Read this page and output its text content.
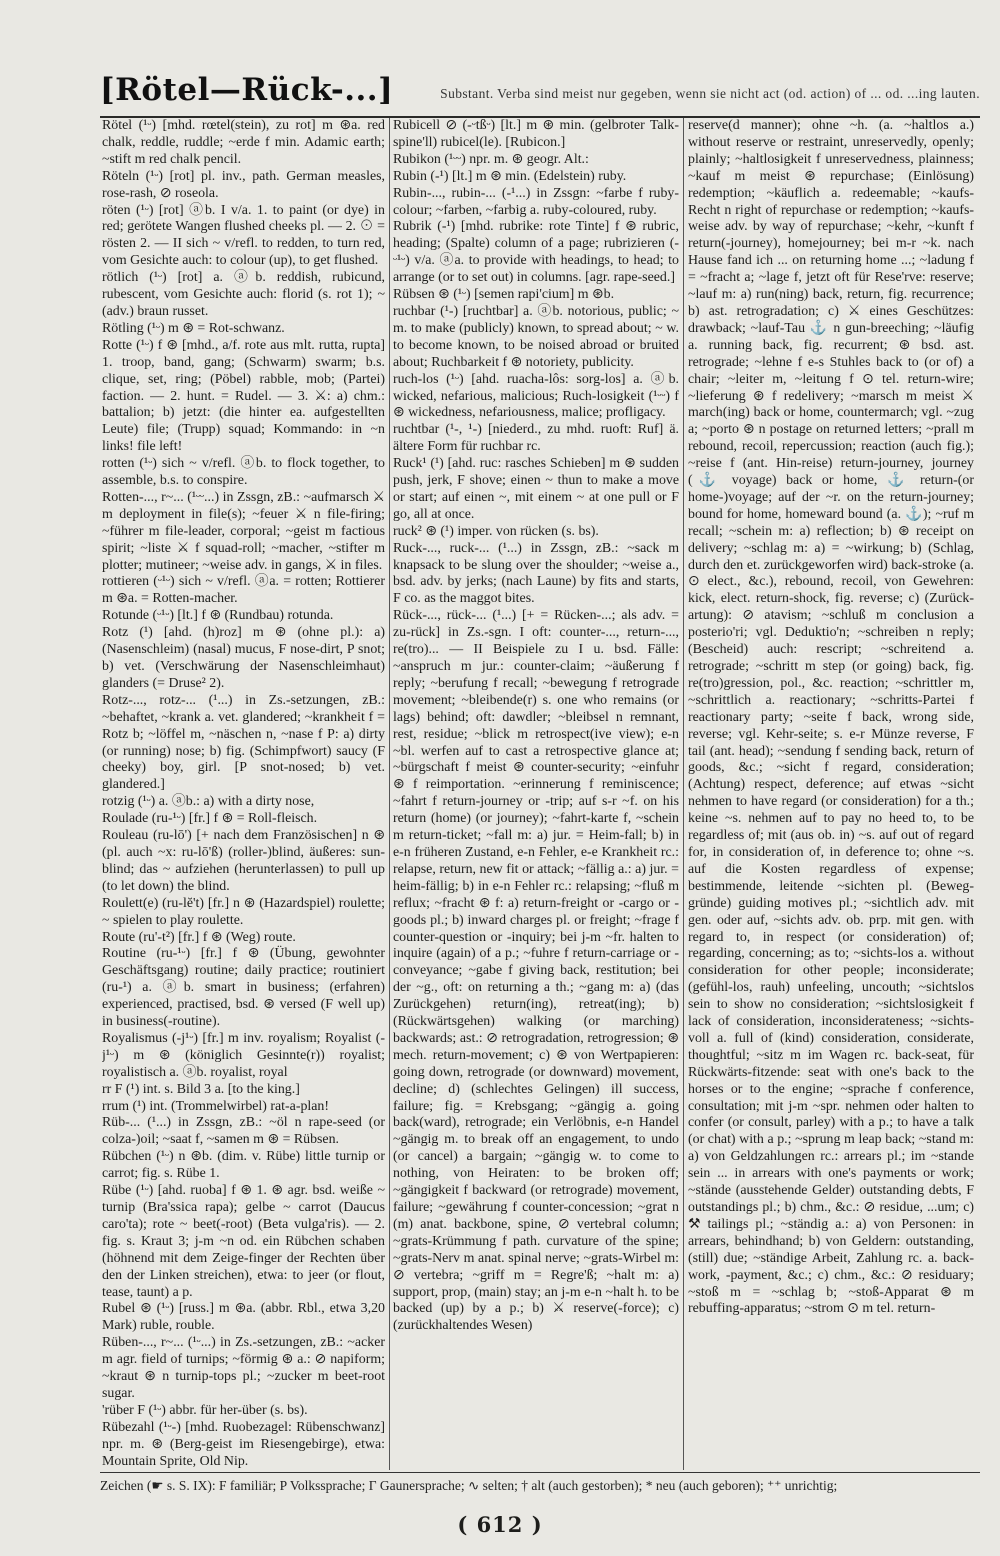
[Rötel—Rück-...]	Substant. Verba sind meist nur gegeben, wenn sie nicht act (od. action) of ... od. ...ing lauten.

Rötel (¹ᵕ) [mhd. rœtel(stein), zu rot] m ⊛a. red chalk, reddle, ruddle; ~erde f min. Adamic earth; ~stift m red chalk pencil.

Röteln (¹ᵕ) [rot] pl. inv., path. German measles, rose-rash, ⊘ roseola.

röten (¹ᵕ) [rot] ⓐb. I v/a. 1. to paint (or dye) in red; gerötete Wangen flushed cheeks pl. — 2. ⊙ = rösten 2. — II sich ~ v/refl. to redden, to turn red, vom Gesichte auch: to colour (up), to get flushed.

rötlich (¹ᵕ) [rot] a. ⓐb. reddish, rubicund, rubescent, vom Gesichte auch: florid (s. rot 1); ~ (adv.) braun russet.

Rötling (¹ᵕ) m ⊛ = Rot-schwanz.

Rotte (¹ᵕ) f ⊛ [mhd., a/f. rote aus mlt. rutta, rupta] 1. troop, band, gang; (Schwarm) swarm; b.s. clique, set, ring; (Pöbel) rabble, mob; (Partei) faction. — 2. hunt. = Rudel. — 3. ⚔: a) chm.: battalion; b) jetzt: (die hinter ea. aufgestellten Leute) file; (Trupp) squad; Kommando: in ~n links! file left!

rotten (¹ᵕ) sich ~ v/refl. ⓐb. to flock together, to assemble, b.s. to conspire.

Rotten-..., r~... (¹ᵕᵕ...) in Zssgn, zB.: ~aufmarsch ⚔ m deployment in file(s); ~feuer ⚔ n file-firing; ~führer m file-leader, corporal; ~geist m factious spirit; ~liste ⚔ f squad-roll; ~macher, ~stifter m plotter; mutineer; ~weise adv. in gangs, ⚔ in files.

rottieren (ᵕ¹ᵕ) sich ~ v/refl. ⓐa. = rotten; Rottierer m ⊛a. = Rotten-macher.

Rotunde (ᵕ¹ᵕ) [lt.] f ⊛ (Rundbau) rotunda.

Rotz (¹) [ahd. (h)roz] m ⊛ (ohne pl.): a) (Nasenschleim) (nasal) mucus, F nose-dirt, P snot; b) vet. (Verschwärung der Nasenschleimhaut) glanders (= Druse² 2).

Rotz-..., rotz-... (¹...) in Zs.-setzungen, zB.: ~behaftet, ~krank a. vet. glandered; ~krankheit f = Rotz b; ~löffel m, ~näschen n, ~nase f P: a) dirty (or running) nose; b) fig. (Schimpfwort) saucy (F cheeky) boy, girl. [P snot-nosed; b) vet. glandered.]

rotzig (¹ᵕ) a. ⓐb.: a) with a dirty nose,

Roulade (ru-¹ᵕ) [fr.] f ⊛ = Roll-fleisch.

Rouleau (ru-lō') [+ nach dem Französischen] n ⊛ (pl. auch ~x: ru-lō'ß) (roller-)blind, äußeres: sun-blind; das ~ aufziehen (herunterlassen) to pull up (to let down) the blind.

Roulett(e) (ru-lĕ't) [fr.] n ⊛ (Hazardspiel) roulette; ~ spielen to play roulette.

Route (ru'-t²) [fr.] f ⊛ (Weg) route.

Routine (ru-¹ᵕ) [fr.] f ⊛ (Übung, gewohnter Geschäftsgang) routine; daily practice; routiniert (ru-¹) a. ⓐb. smart in business; (erfahren) experienced, practised, bsd. ⊛ versed (F well up) in business(-routine).

Royalismus (-j¹ᵕ) [fr.] m inv. royalism; Royalist (-j¹ᵕ) m ⊛ (königlich Gesinnte(r)) royalist; royalistisch a. ⓐb. royalist, royal

rr F (¹) int. s. Bild 3 a. [to the king.]

rrum (¹) int. (Trommelwirbel) rat-a-plan!

Rüb-... (¹...) in Zssgn, zB.: ~öl n rape-seed (or colza-)oil; ~saat f, ~samen m ⊛ = Rübsen.

Rübchen (¹ᵕ) n ⊛b. (dim. v. Rübe) little turnip or carrot; fig. s. Rübe 1.

Rübe (¹ᵕ) [ahd. ruoba] f ⊛ 1. ⊛ agr. bsd. weiße ~ turnip (Bra'ssica rapa); gelbe ~ carrot (Daucus caro'ta); rote ~ beet(-root) (Beta vulga'ris). — 2. fig. s. Kraut 3; j-m ~n od. ein Rübchen schaben (höhnend mit dem Zeige-finger der Rechten über den der Linken streichen), etwa: to jeer (or flout, tease, taunt) a p.

Rubel ⊛ (¹ᵕ) [russ.] m ⊛a. (abbr. Rbl., etwa 3,20 Mark) ruble, rouble.

Rüben-..., r~... (¹ᵕ...) in Zs.-setzungen, zB.: ~acker m agr. field of turnips; ~förmig ⊛ a.: ⊘ napiform; ~kraut ⊛ n turnip-tops pl.; ~zucker m beet-root sugar.

'rüber F (¹ᵕ) abbr. für her-über (s. bs).

Rübezahl (¹ᵕ-) [mhd. Ruobezagel: Rübenschwanz] npr. m. ⊛ (Berg-geist im Riesengebirge), etwa: Mountain Sprite, Old Nip.

Rubicell ⊘ (-ᵕtßᵕ) [lt.] m ⊛ min. (gelbroter Talk-spine'll) rubicel(le). [Rubicon.]

Rubikon (¹ᵕᵕ) npr. m. ⊛ geogr. Alt.:

Rubin (-¹) [lt.] m ⊛ min. (Edelstein) ruby.

Rubin-..., rubin-... (-¹...) in Zssgn: ~farbe f ruby-colour; ~farben, ~farbig a. ruby-coloured, ruby.

Rubrik (-¹) [mhd. rubrike: rote Tinte] f ⊛ rubric, heading; (Spalte) column of a page; rubrizieren (-ᵕ¹ᵕ) v/a. ⓐa. to provide with headings, to head; to arrange (or to set out) in columns. [agr. rape-seed.]

Rübsen ⊛ (¹ᵕ) [semen rapi'cium] m ⊛b.

ruchbar (¹-) [ruchtbar] a. ⓐb. notorious, public; ~ m. to make (publicly) known, to spread about; ~ w. to become known, to be noised abroad or bruited about; Ruchbarkeit f ⊛ notoriety, publicity.

ruch-los (¹ᵕ) [ahd. ruacha-lôs: sorg-los] a. ⓐb. wicked, nefarious, malicious; Ruch-losigkeit (¹ᵕᵕ) f ⊛ wickedness, nefariousness, malice; profligacy.

ruchtbar (¹-, ¹-) [niederd., zu mhd. ruoft: Ruf] ä. ältere Form für ruchbar rc.

Ruck¹ (¹) [ahd. ruc: rasches Schieben] m ⊛ sudden push, jerk, F shove; einen ~ thun to make a move or start; auf einen ~, mit einem ~ at one pull or F go, all at once.

ruck² ⊛ (¹) imper. von rücken (s. bs).

Ruck-..., ruck-... (¹...) in Zssgn, zB.: ~sack m knapsack to be slung over the shoulder; ~weise a., bsd. adv. by jerks; (nach Laune) by fits and starts, F co. as the maggot bites.

Rück-..., rück-... (¹...) [+ = Rücken-...; als adv. = zu-rück] in Zs.-sgn. I oft: counter-..., return-..., re(tro)... — II Beispiele zu I u. bsd. Fälle: ~anspruch m jur.: counter-claim; ~äußerung f reply; ~berufung f recall; ~bewegung f retrograde movement; ~bleibende(r) s. one who remains (or lags) behind; oft: dawdler; ~bleibsel n remnant, rest, residue; ~blick m retrospect(ive view); e-n ~bl. werfen auf to cast a retrospective glance at; ~bürgschaft f meist ⊛ counter-security; ~einfuhr ⊛ f reimportation. ~erinnerung f reminiscence; ~fahrt f return-journey or -trip; auf s-r ~f. on his return (home) (or journey); ~fahrt-karte f, ~schein m return-ticket; ~fall m: a) jur. = Heim-fall; b) in e-n früheren Zustand, e-n Fehler, e-e Krankheit rc.: relapse, return, new fit or attack; ~fällig a.: a) jur. = heim-fällig; b) in e-n Fehler rc.: relapsing; ~fluß m reflux; ~fracht ⊛ f: a) return-freight or -cargo or -goods pl.; b) inward charges pl. or freight; ~frage f counter-question or -inquiry; bei j-m ~fr. halten to inquire (again) of a p.; ~fuhre f return-carriage or -conveyance; ~gabe f giving back, restitution; bei der ~g., oft: on returning a th.; ~gang m: a) (das Zurückgehen) return(ing), retreat(ing); b) (Rückwärtsgehen) walking (or marching) backwards; ast.: ⊘ retrogradation, retrogression; ⊛ mech. return-movement; c) ⊛ von Wertpapieren: going down, retrograde (or downward) movement, decline; d) (schlechtes Gelingen) ill success, failure; fig. = Krebsgang; ~gängig a. going back(ward), retrograde; ein Verlöbnis, e-n Handel ~gängig m. to break off an engagement, to undo (or cancel) a bargain; ~gängig w. to come to nothing, von Heiraten: to be broken off; ~gängigkeit f backward (or retrograde) movement, failure; ~gewährung f counter-concession; ~grat n (m) anat. backbone, spine, ⊘ vertebral column; ~grats-Krümmung f path. curvature of the spine; ~grats-Nerv m anat. spinal nerve; ~grats-Wirbel m: ⊘ vertebra; ~griff m = Regre'ß; ~halt m: a) support, prop, (main) stay; an j-m e-n ~halt h. to be backed (up) by a p.; b) ⚔ reserve(-force); c) (zurückhaltendes Wesen)

reserve(d manner); ohne ~h. (a. ~haltlos a.) without reserve or restraint, unreservedly, openly; plainly; ~haltlosigkeit f unreservedness, plainness; ~kauf m meist ⊛ repurchase; (Einlösung) redemption; ~käuflich a. redeemable; ~kaufs-Recht n right of repurchase or redemption; ~kaufs-weise adv. by way of repurchase; ~kehr, ~kunft f return(-journey), homejourney; bei m-r ~k. nach Hause fand ich ... on returning home ...; ~ladung f = ~fracht a; ~lage f, jetzt oft für Rese'rve: reserve; ~lauf m: a) run(ning) back, return, fig. recurrence; b) ast. retrogradation; c) ⚔ eines Geschützes: drawback; ~lauf-Tau ⚓ n gun-breeching; ~läufig a. running back, fig. recurrent; ⊛ bsd. ast. retrograde; ~lehne f e-s Stuhles back to (or of) a chair; ~leiter m, ~leitung f ⊙ tel. return-wire; ~lieferung ⊛ f redelivery; ~marsch m meist ⚔ march(ing) back or home, countermarch; vgl. ~zug a; ~porto ⊛ n postage on returned letters; ~prall m rebound, recoil, repercussion; reaction (auch fig.); ~reise f (ant. Hin-reise) return-journey, journey (⚓ voyage) back or home, ⚓ return-(or home-)voyage; auf der ~r. on the return-journey; bound for home, homeward bound (a. ⚓); ~ruf m recall; ~schein m: a) reflection; b) ⊛ receipt on delivery; ~schlag m: a) = ~wirkung; b) (Schlag, durch den et. zurückgeworfen wird) back-stroke (a. ⊙ elect., &c.), rebound, recoil, von Gewehren: kick, elect. return-shock, fig. reverse; c) (Zurück-artung): ⊘ atavism; ~schluß m conclusion a posterio'ri; vgl. Deduktio'n; ~schreiben n reply; (Bescheid) auch: rescript; ~schreitend a. retrograde; ~schritt m step (or going) back, fig. re(tro)gression, pol., &c. reaction; ~schrittler m, ~schrittlich a. reactionary; ~schritts-Partei f reactionary party; ~seite f back, wrong side, reverse; vgl. Kehr-seite; s. e-r Münze reverse, F tail (ant. head); ~sendung f sending back, return of goods, &c.; ~sicht f regard, consideration; (Achtung) respect, deference; auf etwas ~sicht nehmen to have regard (or consideration) for a th.; keine ~s. nehmen auf to pay no heed to, to be regardless of; mit (aus ob. in) ~s. auf out of regard for, in consideration of, in deference to; ohne ~s. auf die Kosten regardless of expense; bestimmende, leitende ~sichten pl. (Beweg-gründe) guiding motives pl.; ~sichtlich adv. mit gen. oder auf, ~sichts adv. ob. prp. mit gen. with regard to, in respect (or consideration) of; regarding, concerning; as to; ~sichts-los a. without consideration for other people; inconsiderate; (gefühl-los, rauh) unfeeling, uncouth; ~sichtslos sein to show no consideration; ~sichtslosigkeit f lack of consideration, inconsiderateness; ~sichts-voll a. full of (kind) consideration, considerate, thoughtful; ~sitz m im Wagen rc. back-seat, für Rückwärts-fitzende: seat with one's back to the horses or to the engine; ~sprache f conference, consultation; mit j-m ~spr. nehmen oder halten to confer (or consult, parley) with a p.; to have a talk (or chat) with a p.; ~sprung m leap back; ~stand m: a) von Geldzahlungen rc.: arrears pl.; im ~stande sein ... in arrears with one's payments or work; ~stände (ausstehende Gelder) outstanding debts, F outstandings pl.; b) chm., &c.: ⊘ residue, ...um; c) ⚒ tailings pl.; ~ständig a.: a) von Personen: in arrears, behindhand; b) von Geldern: outstanding, (still) due; ~ständige Arbeit, Zahlung rc. a. back-work, -payment, &c.; c) chm., &c.: ⊘ residuary; ~stoß m = ~schlag b; ~stoß-Apparat ⊛ m rebuffing-apparatus; ~strom ⊙ m tel. return-

Zeichen (☛ s. S. IX): F familiär; P Volkssprache; Γ Gaunersprache; ∿ selten; † alt (auch gestorben); * neu (auch geboren); ⁺⁺ unrichtig;
( 612 )
